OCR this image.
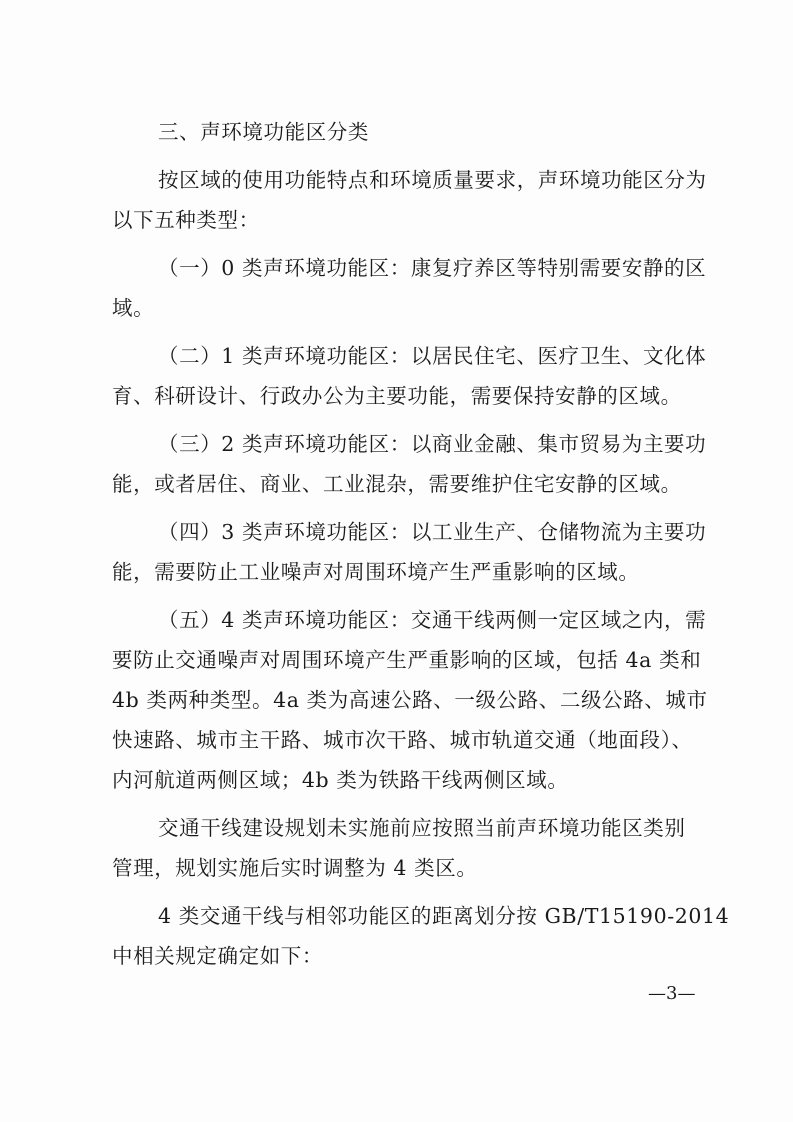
三、声环境功能区分类
按区域的使用功能特点和环境质量要求，声环境功能区分为
以下五种类型：
（一）0 类声环境功能区：康复疗养区等特别需要安静的区
域。
（二）1 类声环境功能区：以居民住宅、医疗卫生、文化体
育、科研设计、行政办公为主要功能，需要保持安静的区域。
（三）2 类声环境功能区：以商业金融、集市贸易为主要功
能，或者居住、商业、工业混杂，需要维护住宅安静的区域。
（四）3 类声环境功能区：以工业生产、仓储物流为主要功
能，需要防止工业噪声对周围环境产生严重影响的区域。
（五）4 类声环境功能区：交通干线两侧一定区域之内，需
要防止交通噪声对周围环境产生严重影响的区域，包括 4a 类和
4b 类两种类型。4a 类为高速公路、一级公路、二级公路、城市
快速路、城市主干路、城市次干路、城市轨道交通（地面段）、
内河航道两侧区域；4b 类为铁路干线两侧区域。
交通干线建设规划未实施前应按照当前声环境功能区类别
管理，规划实施后实时调整为 4 类区。
4 类交通干线与相邻功能区的距离划分按 GB/T15190-2014
中相关规定确定如下：
—3—
